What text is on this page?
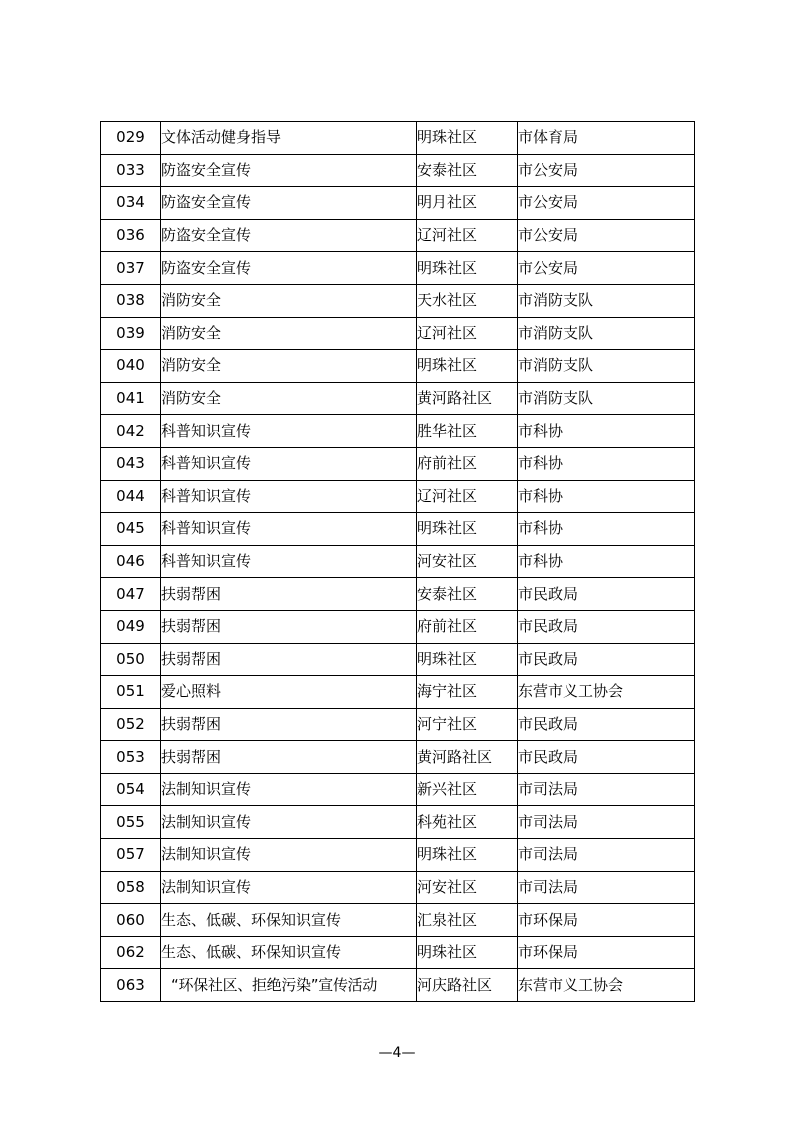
029	文体活动健身指导	明珠社区	市体育局
033	防盗安全宣传	安泰社区	市公安局
034	防盗安全宣传	明月社区	市公安局
036	防盗安全宣传	辽河社区	市公安局
037	防盗安全宣传	明珠社区	市公安局
038	消防安全	天水社区	市消防支队
039	消防安全	辽河社区	市消防支队
040	消防安全	明珠社区	市消防支队
041	消防安全	黄河路社区	市消防支队
042	科普知识宣传	胜华社区	市科协
043	科普知识宣传	府前社区	市科协
044	科普知识宣传	辽河社区	市科协
045	科普知识宣传	明珠社区	市科协
046	科普知识宣传	河安社区	市科协
047	扶弱帮困	安泰社区	市民政局
049	扶弱帮困	府前社区	市民政局
050	扶弱帮困	明珠社区	市民政局
051	爱心照料	海宁社区	东营市义工协会
052	扶弱帮困	河宁社区	市民政局
053	扶弱帮困	黄河路社区	市民政局
054	法制知识宣传	新兴社区	市司法局
055	法制知识宣传	科苑社区	市司法局
057	法制知识宣传	明珠社区	市司法局
058	法制知识宣传	河安社区	市司法局
060	生态、低碳、环保知识宣传	汇泉社区	市环保局
062	生态、低碳、环保知识宣传	明珠社区	市环保局
063	“环保社区、拒绝污染”宣传活动	河庆路社区	东营市义工协会
—4—
